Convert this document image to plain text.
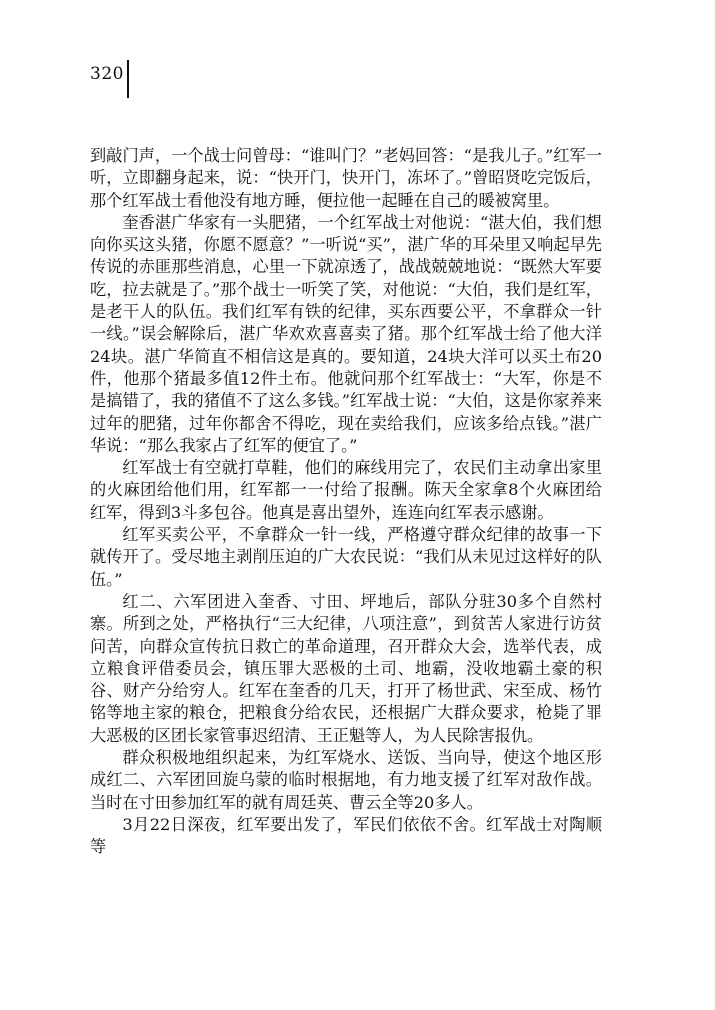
320

到敲门声，一个战士问曾母：“谁叫门？”老妈回答：“是我儿子。”红军一听，立即翻身起来，说：“快开门，快开门，冻坏了。”曾昭贤吃完饭后，那个红军战士看他没有地方睡，便拉他一起睡在自己的暖被窝里。

奎香湛广华家有一头肥猪，一个红军战士对他说：“湛大伯，我们想向你买这头猪，你愿不愿意？”一听说“买”，湛广华的耳朵里又响起早先传说的赤匪那些消息，心里一下就凉透了，战战兢兢地说：“既然大军要吃，拉去就是了。”那个战士一听笑了笑，对他说：“大伯，我们是红军，是老干人的队伍。我们红军有铁的纪律，买东西要公平，不拿群众一针一线。”误会解除后，湛广华欢欢喜喜卖了猪。那个红军战士给了他大洋24块。湛广华简直不相信这是真的。要知道，24块大洋可以买土布20件，他那个猪最多值12件土布。他就问那个红军战士：“大军，你是不是搞错了，我的猪值不了这么多钱。”红军战士说：“大伯，这是你家养来过年的肥猪，过年你都舍不得吃，现在卖给我们，应该多给点钱。”湛广华说：“那么我家占了红军的便宜了。”

红军战士有空就打草鞋，他们的麻线用完了，农民们主动拿出家里的火麻团给他们用，红军都一一付给了报酬。陈天全家拿8个火麻团给红军，得到3斗多包谷。他真是喜出望外，连连向红军表示感谢。

红军买卖公平，不拿群众一针一线，严格遵守群众纪律的故事一下就传开了。受尽地主剥削压迫的广大农民说：“我们从未见过这样好的队伍。”

红二、六军团进入奎香、寸田、坪地后，部队分驻30多个自然村寨。所到之处，严格执行“三大纪律，八项注意”，到贫苦人家进行访贫问苦，向群众宣传抗日救亡的革命道理，召开群众大会，选举代表，成立粮食评借委员会，镇压罪大恶极的土司、地霸，没收地霸土豪的积谷、财产分给穷人。红军在奎香的几天，打开了杨世武、宋至成、杨竹铭等地主家的粮仓，把粮食分给农民，还根据广大群众要求，枪毙了罪大恶极的区团长家管事迟绍清、王正魁等人，为人民除害报仇。

群众积极地组织起来，为红军烧水、送饭、当向导，使这个地区形成红二、六军团回旋乌蒙的临时根据地，有力地支援了红军对敌作战。当时在寸田参加红军的就有周廷英、曹云全等20多人。

3月22日深夜，红军要出发了，军民们依依不舍。红军战士对陶顺等
